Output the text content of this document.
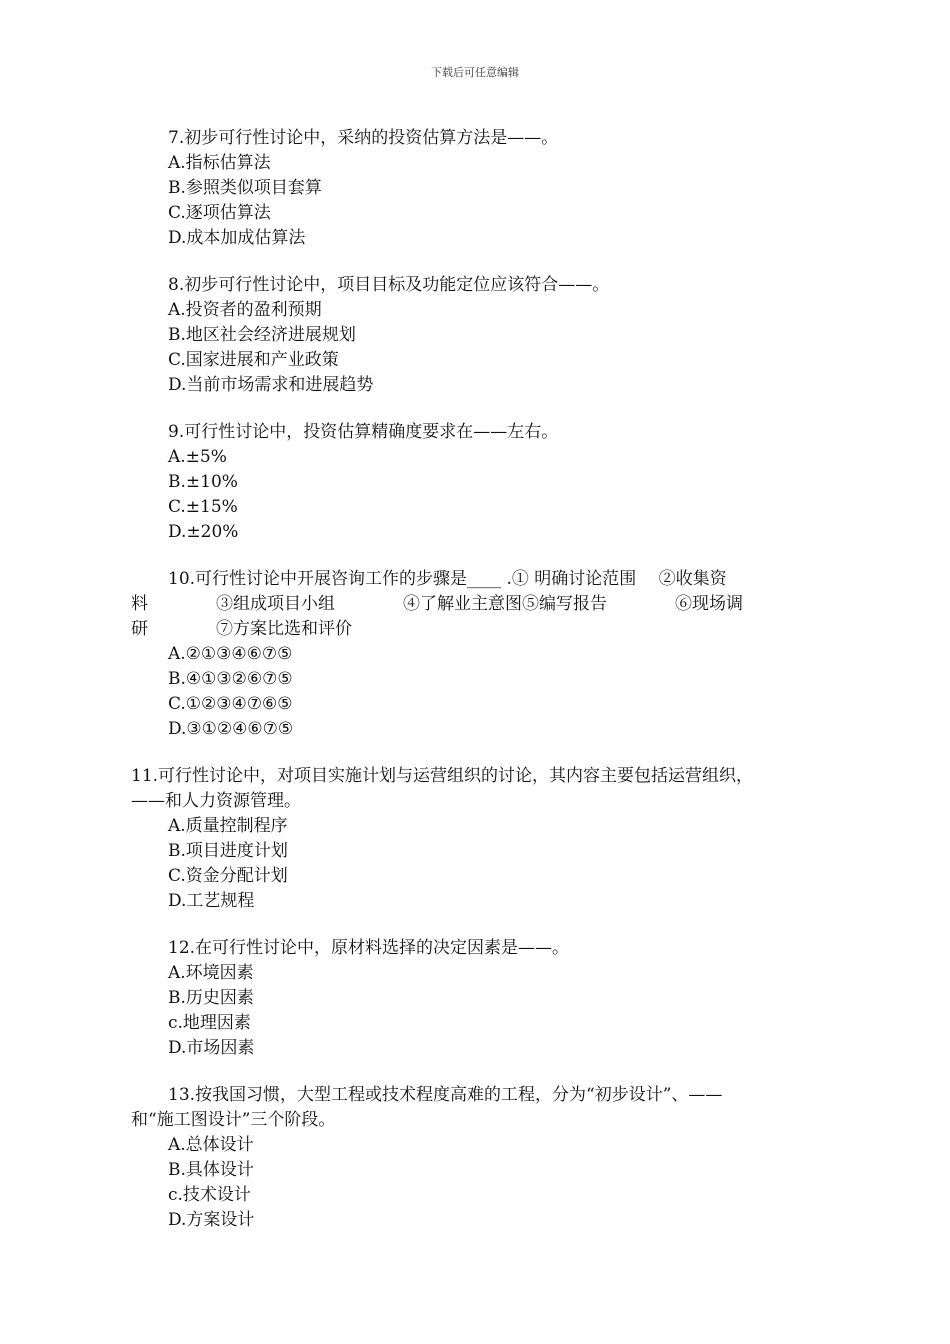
下载后可任意编辑

7.初步可行性讨论中，采纳的投资估算方法是——。

A.指标估算法

B.参照类似项目套算

C.逐项估算法

D.成本加成估算法

8.初步可行性讨论中，项目目标及功能定位应该符合——。

A.投资者的盈利预期

B.地区社会经济进展规划

C.国家进展和产业政策

D.当前市场需求和进展趋势

9.可行性讨论中，投资估算精确度要求在——左右。

A.±5%

B.±10%

C.±15%

D.±20%

10.可行性讨论中开展咨询工作的步骤是____ .① 明确讨论范围 　②收集资

料　　　　③组成项目小组　　　　④了解业主意图⑤编写报告　　　　⑥现场调

研　　　　⑦方案比选和评价

A.②①③④⑥⑦⑤

B.④①③②⑥⑦⑤

C.①②③④⑦⑥⑤

D.③①②④⑥⑦⑤

11.可行性讨论中，对项目实施计划与运营组织的讨论，其内容主要包括运营组织，

——和人力资源管理。

A.质量控制程序

B.项目进度计划

C.资金分配计划

D.工艺规程

12.在可行性讨论中，原材料选择的决定因素是——。

A.环境因素

B.历史因素

c.地理因素

D.市场因素

13.按我国习惯，大型工程或技术程度高难的工程，分为“初步设计”、——

和“施工图设计”三个阶段。

A.总体设计

B.具体设计

c.技术设计

D.方案设计
